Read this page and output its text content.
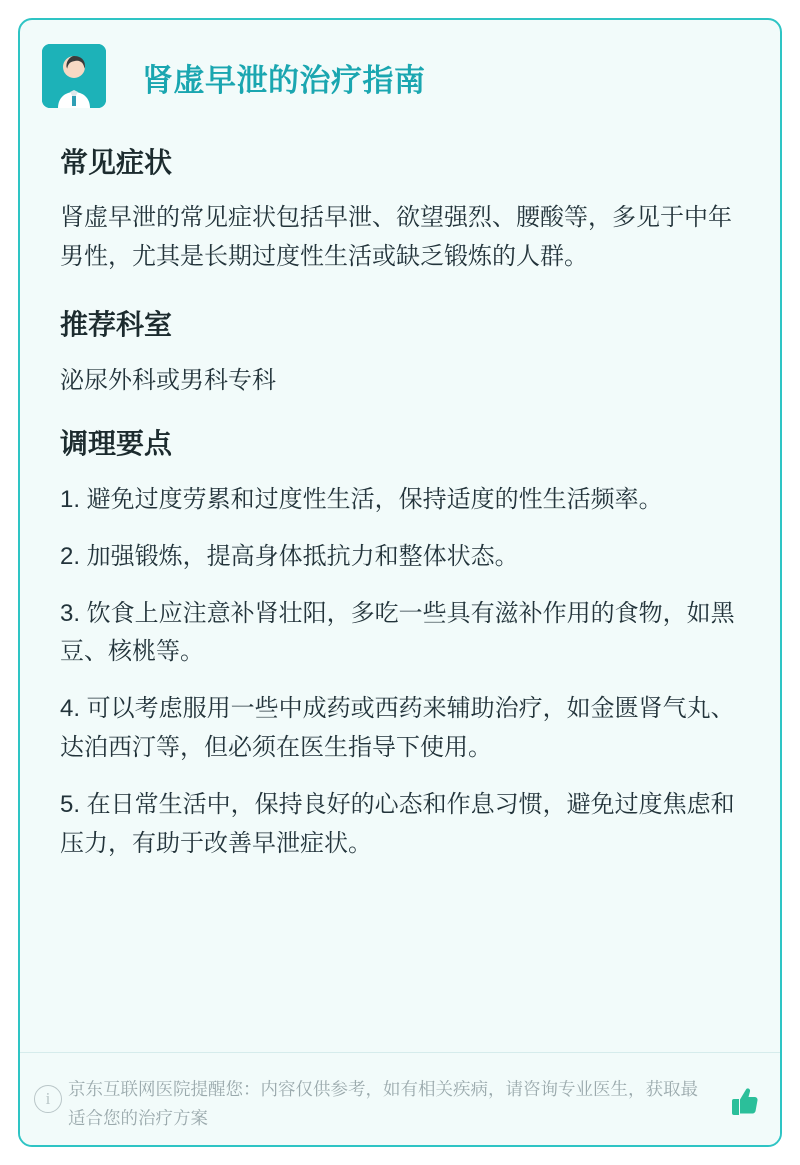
肾虚早泄的治疗指南
常见症状

肾虚早泄的常见症状包括早泄、欲望强烈、腰酸等，多见于中年男性，尤其是长期过度性生活或缺乏锻炼的人群。

推荐科室

泌尿外科或男科专科

调理要点

1. 避免过度劳累和过度性生活，保持适度的性生活频率。

2. 加强锻炼，提高身体抵抗力和整体状态。

3. 饮食上应注意补肾壮阳，多吃一些具有滋补作用的食物，如黑豆、核桃等。

4. 可以考虑服用一些中成药或西药来辅助治疗，如金匮肾气丸、达泊西汀等，但必须在医生指导下使用。

5. 在日常生活中，保持良好的心态和作息习惯，避免过度焦虑和压力，有助于改善早泄症状。

i	京东互联网医院提醒您：内容仅供参考，如有相关疾病，请咨询专业医生，获取最适合您的治疗方案
